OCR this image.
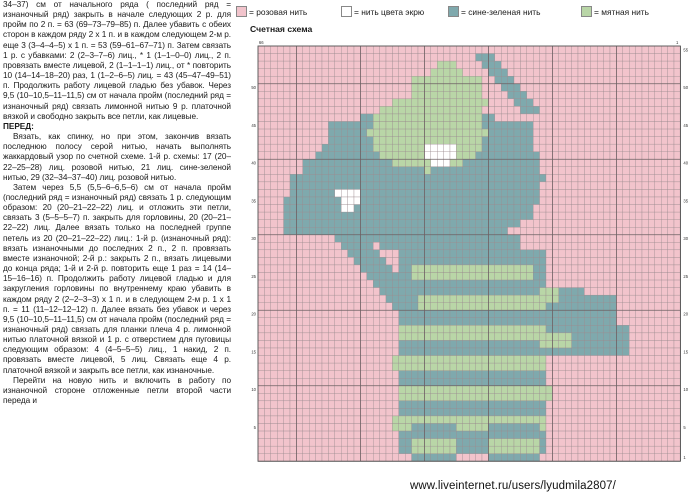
34–37) см от начального ряда ( последний ряд = изнаночный ряд) закрыть в начале следующих 2 р. для пройм по 2 п. = 63 (69–73–79–85) п. Далее убавить с обеих сторон в каждом ряду 2 х 1 п. и в каждом следующем 2-м р. еще 3 (3–4–4–5) х 1 п. = 53 (59–61–67–71) п. Затем связать 1 р. с убавками: 2 (2–3–7–6) лиц., * 1 (1–1–0–0) лиц., 2 п. провязать вместе лицевой, 2 (1–1–1–1) лиц., от * повторить 10 (14–14–18–20) раз, 1 (1–2–6–5) лиц. = 43 (45–47–49–51) п. Продолжить работу лицевой гладью без убавок. Через 9,5 (10–10,5–11–11,5) см от начала пройм (последний ряд = изнаночный ряд) связать лимонной нитью 9 р. платочной вязкой и свободно закрыть все петли, как лицевые.

ПЕРЕД:

Вязать, как спинку, но при этом, закончив вязать последнюю полосу серой нитью, начать выполнять жаккардовый узор по счетной схеме. 1-й р. схемы: 17 (20–22–25–28) лиц. розовой нитью, 21 лиц. сине-зеленой нитью, 29 (32–34–37–40) лиц. розовой нитью.

Затем через 5,5 (5,5–6–6,5–6) см от начала пройм (последний ряд = изнаночный ряд) связать 1 р. следующим образом: 20 (20–21–22–22) лиц. и отложить эти петли, связать 3 (5–5–5–7) п. закрыть для горловины, 20 (20–21–22–22) лиц. Далее вязать только на последней группе петель из 20 (20–21–22–22) лиц.: 1-й р. (изнаночный ряд): вязать изнаночными до последних 2 п., 2 п. провязать вместе изнаночной; 2-й р.: закрыть 2 п., вязать лицевыми до конца ряда; 1-й и 2-й р. повторить еще 1 раз = 14 (14–15–16–16) п. Продолжить работу лицевой гладью и для закругления горловины по внутреннему краю убавить в каждом ряду 2 (2–2–3–3) х 1 п. и в следующем 2-м р. 1 х 1 п. = 11 (11–12–12–12) п. Далее вязать без убавок и через 9,5 (10–10,5–11–11,5) см от начала пройм (последний ряд = изнаночный ряд) связать для планки плеча 4 р. лимонной нитью платочной вязкой и 1 р. с отверстием для пуговицы следующим образом: 4 (4–5–5–5) лиц., 1 накид, 2 п. провязать вместе лицевой, 5 лиц. Связать еще 4 р. платочной вязкой и закрыть все петли, как изнаночные.

Перейти на новую нить и включить в работу по изнаночной стороне отложенные петли второй части переда и

= розовая нить	= нить цвета экрю	= сине-зеленая нить	= мятная нить
Счетная схема
55
50
45
40
35
30
25
20
15
10
5
1
50
45
40
35
30
25
20
15
10
5
66	1
www.liveinternet.ru/users/lyudmila2807/
